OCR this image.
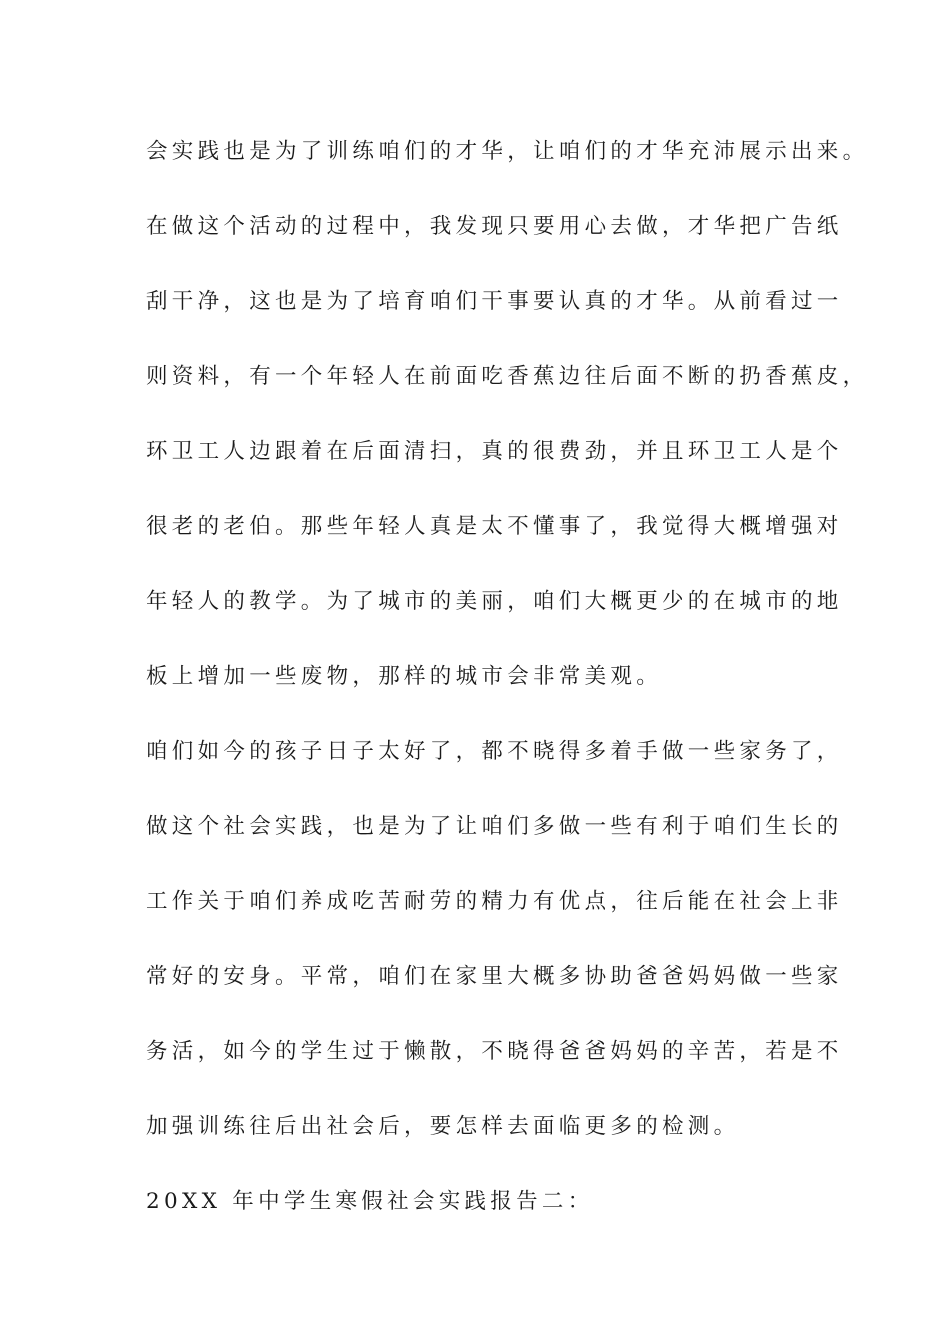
会实践也是为了训练咱们的才华，让咱们的才华充沛展示出来。
在做这个活动的过程中，我发现只要用心去做，才华把广告纸
刮干净，这也是为了培育咱们干事要认真的才华。从前看过一
则资料，有一个年轻人在前面吃香蕉边往后面不断的扔香蕉皮，
环卫工人边跟着在后面清扫，真的很费劲，并且环卫工人是个
很老的老伯。那些年轻人真是太不懂事了，我觉得大概增强对
年轻人的教学。为了城市的美丽，咱们大概更少的在城市的地
板上增加一些废物，那样的城市会非常美观。
咱们如今的孩子日子太好了，都不晓得多着手做一些家务了，
做这个社会实践，也是为了让咱们多做一些有利于咱们生长的
工作关于咱们养成吃苦耐劳的精力有优点，往后能在社会上非
常好的安身。平常，咱们在家里大概多协助爸爸妈妈做一些家
务活，如今的学生过于懒散，不晓得爸爸妈妈的辛苦，若是不
加强训练往后出社会后，要怎样去面临更多的检测。
20XX 年中学生寒假社会实践报告二：
